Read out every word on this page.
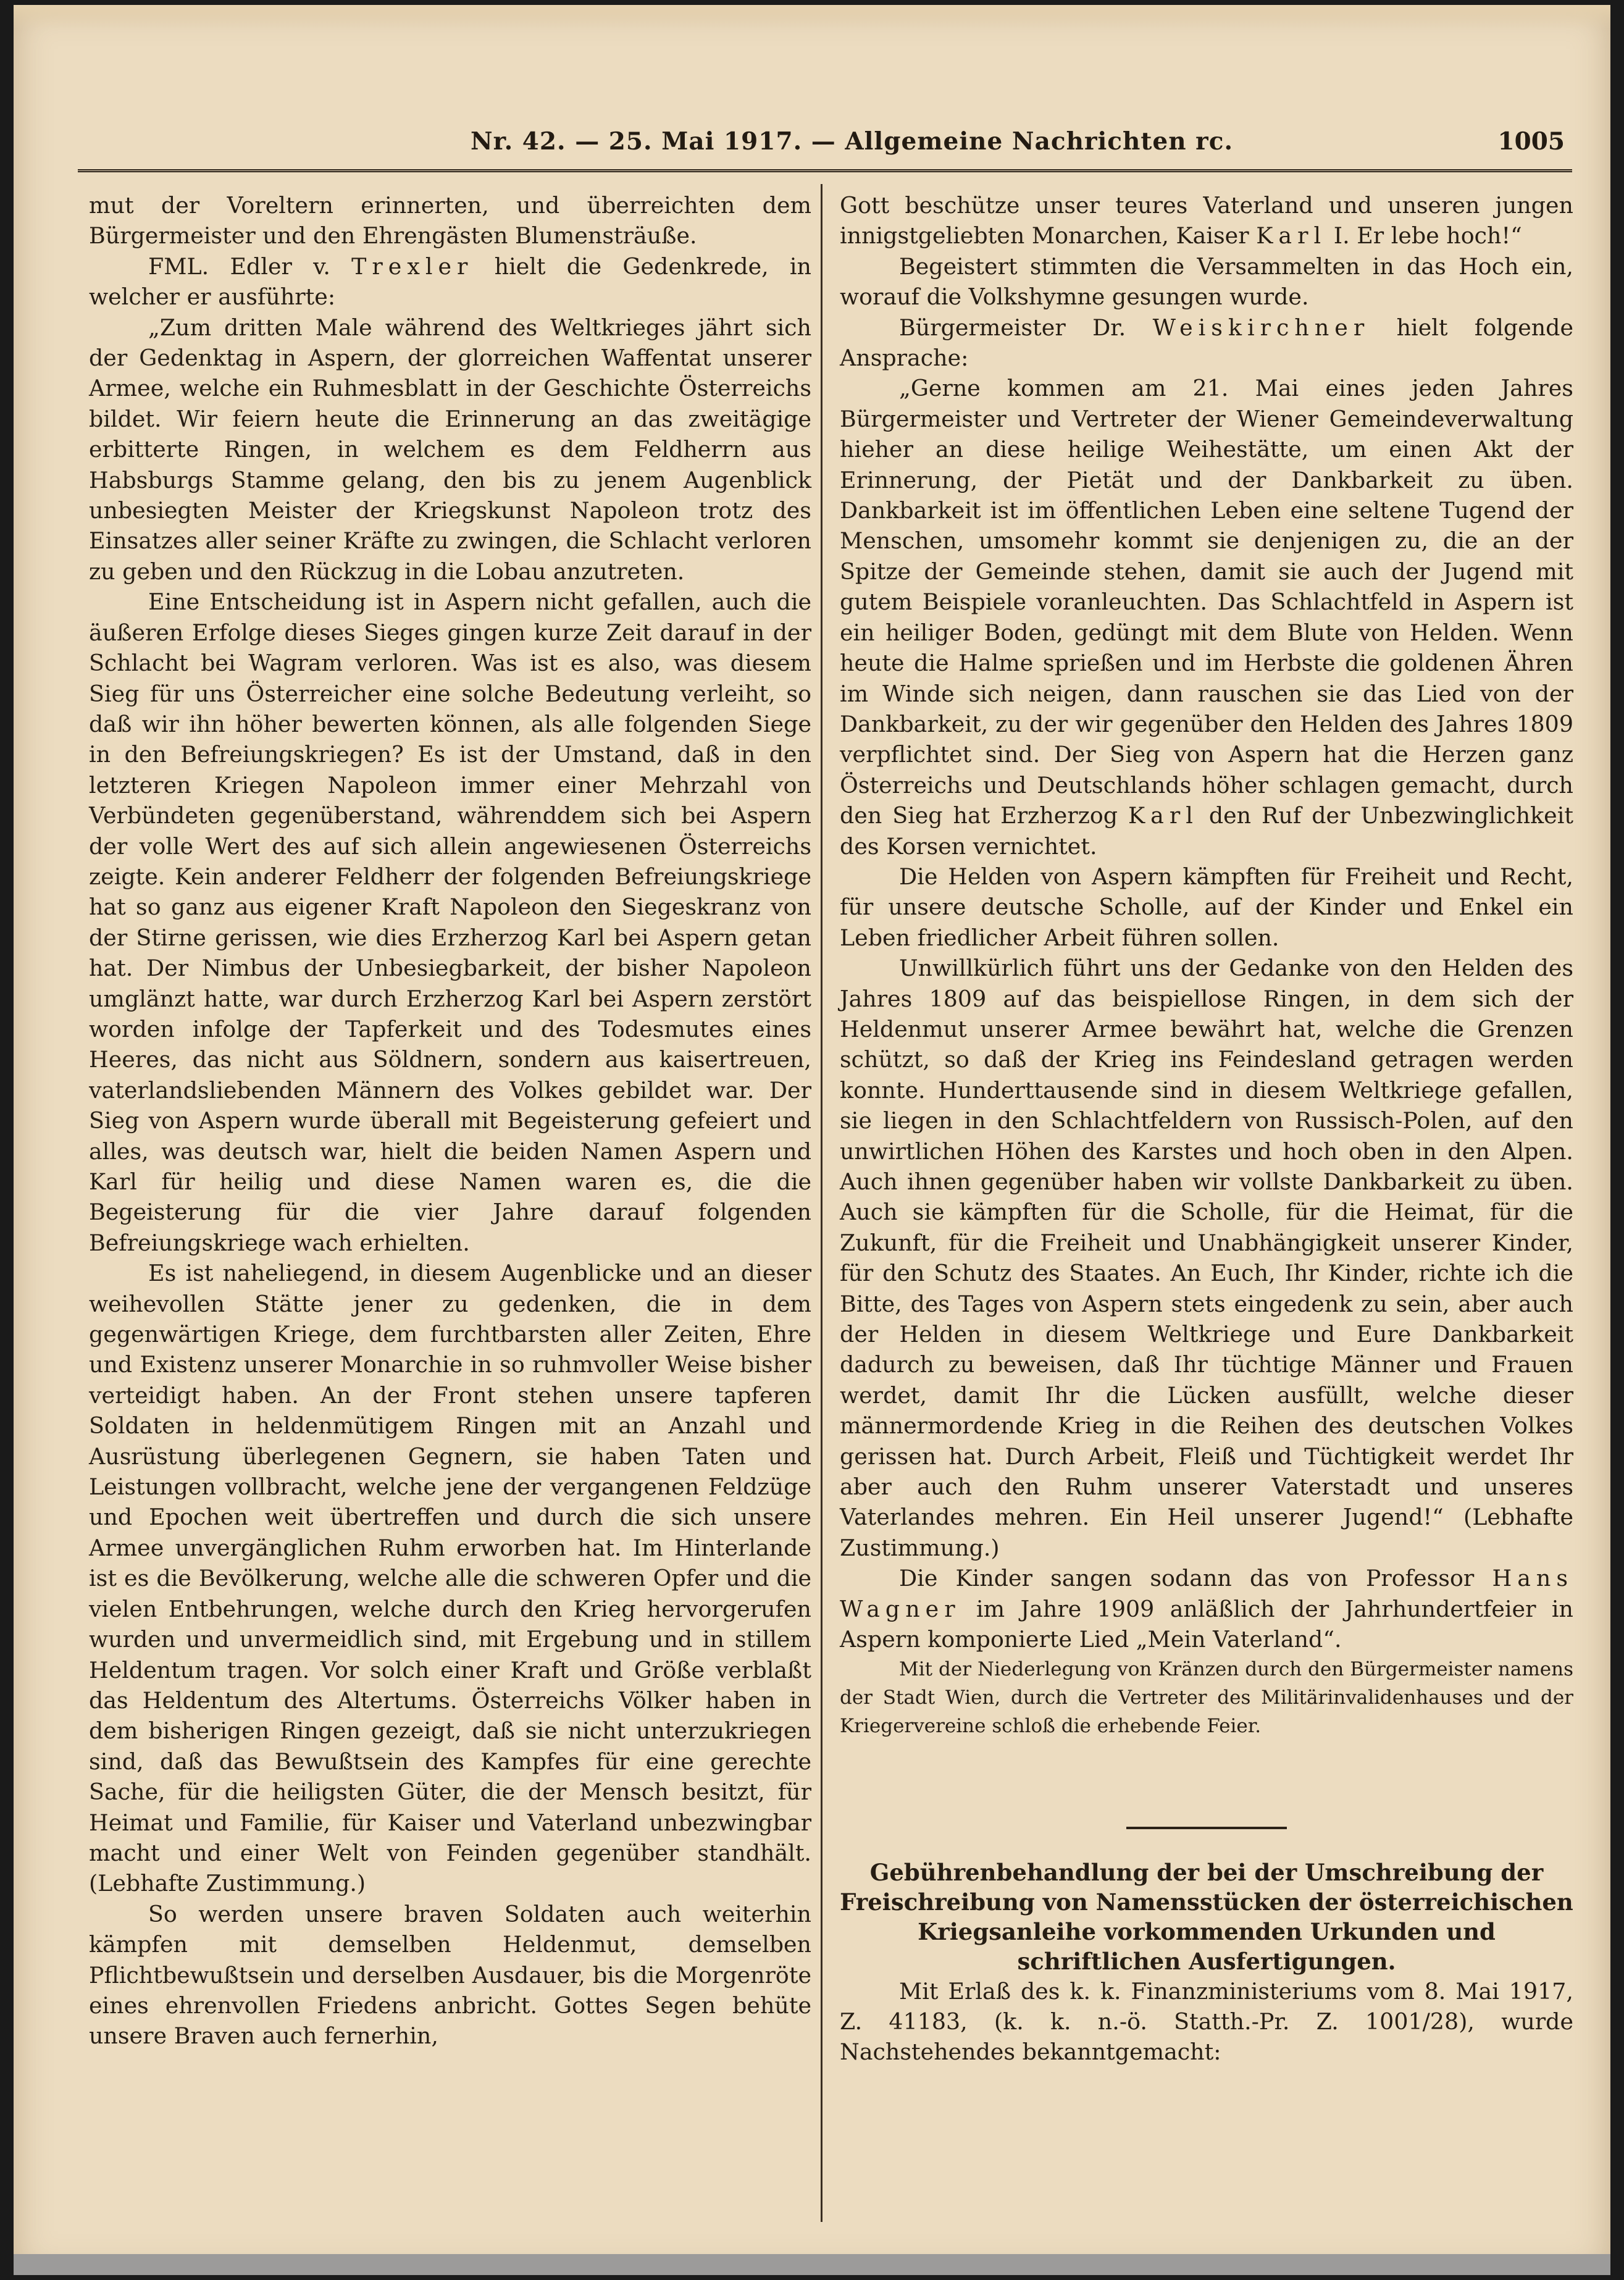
Nr. 42. — 25. Mai 1917. — Allgemeine Nachrichten rc.	1005

mut der Voreltern erinnerten, und überreichten dem Bürgermeister und den Ehrengästen Blumensträuße.

FML. Edler v. Trexler hielt die Gedenkrede, in welcher er ausführte:

„Zum dritten Male während des Weltkrieges jährt sich der Gedenktag in Aspern, der glorreichen Waffentat unserer Armee, welche ein Ruhmesblatt in der Geschichte Österreichs bildet. Wir feiern heute die Erinnerung an das zweitägige erbitterte Ringen, in welchem es dem Feldherrn aus Habsburgs Stamme gelang, den bis zu jenem Augenblick unbesiegten Meister der Kriegskunst Napoleon trotz des Einsatzes aller seiner Kräfte zu zwingen, die Schlacht verloren zu geben und den Rückzug in die Lobau anzutreten.

Eine Entscheidung ist in Aspern nicht gefallen, auch die äußeren Erfolge dieses Sieges gingen kurze Zeit darauf in der Schlacht bei Wagram verloren. Was ist es also, was diesem Sieg für uns Österreicher eine solche Bedeutung verleiht, so daß wir ihn höher bewerten können, als alle folgenden Siege in den Befreiungskriegen? Es ist der Umstand, daß in den letzteren Kriegen Napoleon immer einer Mehrzahl von Verbündeten gegenüberstand, währenddem sich bei Aspern der volle Wert des auf sich allein angewiesenen Österreichs zeigte. Kein anderer Feldherr der folgenden Befreiungskriege hat so ganz aus eigener Kraft Napoleon den Siegeskranz von der Stirne gerissen, wie dies Erzherzog Karl bei Aspern getan hat. Der Nimbus der Unbesiegbarkeit, der bisher Napoleon umglänzt hatte, war durch Erzherzog Karl bei Aspern zerstört worden infolge der Tapferkeit und des Todesmutes eines Heeres, das nicht aus Söldnern, sondern aus kaisertreuen, vaterlandsliebenden Männern des Volkes gebildet war. Der Sieg von Aspern wurde überall mit Begeisterung gefeiert und alles, was deutsch war, hielt die beiden Namen Aspern und Karl für heilig und diese Namen waren es, die die Begeisterung für die vier Jahre darauf folgenden Befreiungskriege wach erhielten.

Es ist naheliegend, in diesem Augenblicke und an dieser weihevollen Stätte jener zu gedenken, die in dem gegenwärtigen Kriege, dem furchtbarsten aller Zeiten, Ehre und Existenz unserer Monarchie in so ruhmvoller Weise bisher verteidigt haben. An der Front stehen unsere tapferen Soldaten in heldenmütigem Ringen mit an Anzahl und Ausrüstung überlegenen Gegnern, sie haben Taten und Leistungen vollbracht, welche jene der vergangenen Feldzüge und Epochen weit übertreffen und durch die sich unsere Armee unvergänglichen Ruhm erworben hat. Im Hinterlande ist es die Bevölkerung, welche alle die schweren Opfer und die vielen Entbehrungen, welche durch den Krieg hervorgerufen wurden und unvermeidlich sind, mit Ergebung und in stillem Heldentum tragen. Vor solch einer Kraft und Größe verblaßt das Heldentum des Altertums. Österreichs Völker haben in dem bisherigen Ringen gezeigt, daß sie nicht unterzukriegen sind, daß das Bewußtsein des Kampfes für eine gerechte Sache, für die heiligsten Güter, die der Mensch besitzt, für Heimat und Familie, für Kaiser und Vaterland unbezwingbar macht und einer Welt von Feinden gegenüber standhält. (Lebhafte Zustimmung.)

So werden unsere braven Soldaten auch weiterhin kämpfen mit demselben Heldenmut, demselben Pflichtbewußtsein und derselben Ausdauer, bis die Morgenröte eines ehrenvollen Friedens anbricht. Gottes Segen behüte unsere Braven auch fernerhin,

Gott beschütze unser teures Vaterland und unseren jungen innigstgeliebten Monarchen, Kaiser Karl I. Er lebe hoch!“

Begeistert stimmten die Versammelten in das Hoch ein, worauf die Volkshymne gesungen wurde.

Bürgermeister Dr. Weiskirchner hielt folgende Ansprache:

„Gerne kommen am 21. Mai eines jeden Jahres Bürgermeister und Vertreter der Wiener Gemeindeverwaltung hieher an diese heilige Weihestätte, um einen Akt der Erinnerung, der Pietät und der Dankbarkeit zu üben. Dankbarkeit ist im öffentlichen Leben eine seltene Tugend der Menschen, umsomehr kommt sie denjenigen zu, die an der Spitze der Gemeinde stehen, damit sie auch der Jugend mit gutem Beispiele voranleuchten. Das Schlachtfeld in Aspern ist ein heiliger Boden, gedüngt mit dem Blute von Helden. Wenn heute die Halme sprießen und im Herbste die goldenen Ähren im Winde sich neigen, dann rauschen sie das Lied von der Dankbarkeit, zu der wir gegenüber den Helden des Jahres 1809 verpflichtet sind. Der Sieg von Aspern hat die Herzen ganz Österreichs und Deutschlands höher schlagen gemacht, durch den Sieg hat Erzherzog Karl den Ruf der Unbezwinglichkeit des Korsen vernichtet.

Die Helden von Aspern kämpften für Freiheit und Recht, für unsere deutsche Scholle, auf der Kinder und Enkel ein Leben friedlicher Arbeit führen sollen.

Unwillkürlich führt uns der Gedanke von den Helden des Jahres 1809 auf das beispiellose Ringen, in dem sich der Heldenmut unserer Armee bewährt hat, welche die Grenzen schützt, so daß der Krieg ins Feindesland getragen werden konnte. Hunderttausende sind in diesem Weltkriege gefallen, sie liegen in den Schlachtfeldern von Russisch-Polen, auf den unwirtlichen Höhen des Karstes und hoch oben in den Alpen. Auch ihnen gegenüber haben wir vollste Dankbarkeit zu üben. Auch sie kämpften für die Scholle, für die Heimat, für die Zukunft, für die Freiheit und Unabhängigkeit unserer Kinder, für den Schutz des Staates. An Euch, Ihr Kinder, richte ich die Bitte, des Tages von Aspern stets eingedenk zu sein, aber auch der Helden in diesem Weltkriege und Eure Dankbarkeit dadurch zu beweisen, daß Ihr tüchtige Männer und Frauen werdet, damit Ihr die Lücken ausfüllt, welche dieser männermordende Krieg in die Reihen des deutschen Volkes gerissen hat. Durch Arbeit, Fleiß und Tüchtigkeit werdet Ihr aber auch den Ruhm unserer Vaterstadt und unseres Vaterlandes mehren. Ein Heil unserer Jugend!“ (Lebhafte Zustimmung.)

Die Kinder sangen sodann das von Professor Hans Wagner im Jahre 1909 anläßlich der Jahrhundertfeier in Aspern komponierte Lied „Mein Vaterland“.

Mit der Niederlegung von Kränzen durch den Bürgermeister namens der Stadt Wien, durch die Vertreter des Militärinvalidenhauses und der Kriegervereine schloß die erhebende Feier.

Gebührenbehandlung der bei der Umschreibung der Freischreibung von Namensstücken der österreichischen Kriegsanleihe vorkommenden Urkunden und schriftlichen Ausfertigungen.

Mit Erlaß des k. k. Finanzministeriums vom 8. Mai 1917, Z. 41183, (k. k. n.-ö. Statth.-Pr. Z. 1001/28), wurde Nachstehendes bekanntgemacht:
